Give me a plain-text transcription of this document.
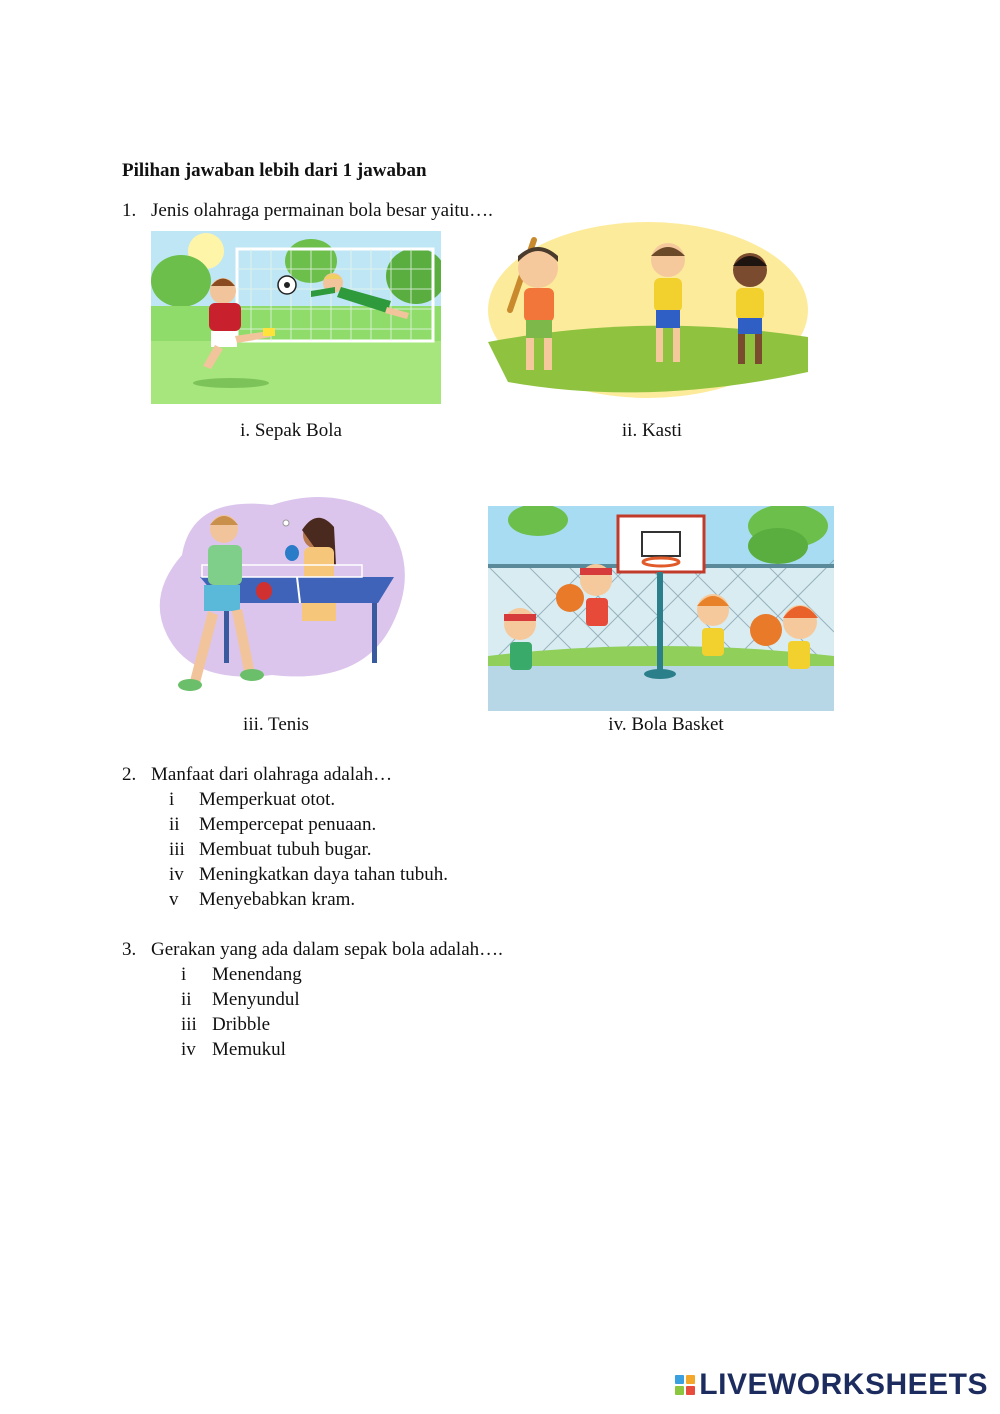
Pilihan jawaban lebih dari 1 jawaban
1. Jenis olahraga permainan bola besar yaitu….
i. Sepak Bola	ii. Kasti
iii. Tenis	iv. Bola Basket
2. Manfaat dari olahraga adalah…
i Memperkuat otot.
ii Mempercepat penuaan.
iii Membuat tubuh bugar.
iv Meningkatkan daya tahan tubuh.
v Menyebabkan kram.
3. Gerakan yang ada dalam sepak bola adalah….
i Menendang
ii Menyundul
iii Dribble
iv Memukul
LIVEWORKSHEETS
